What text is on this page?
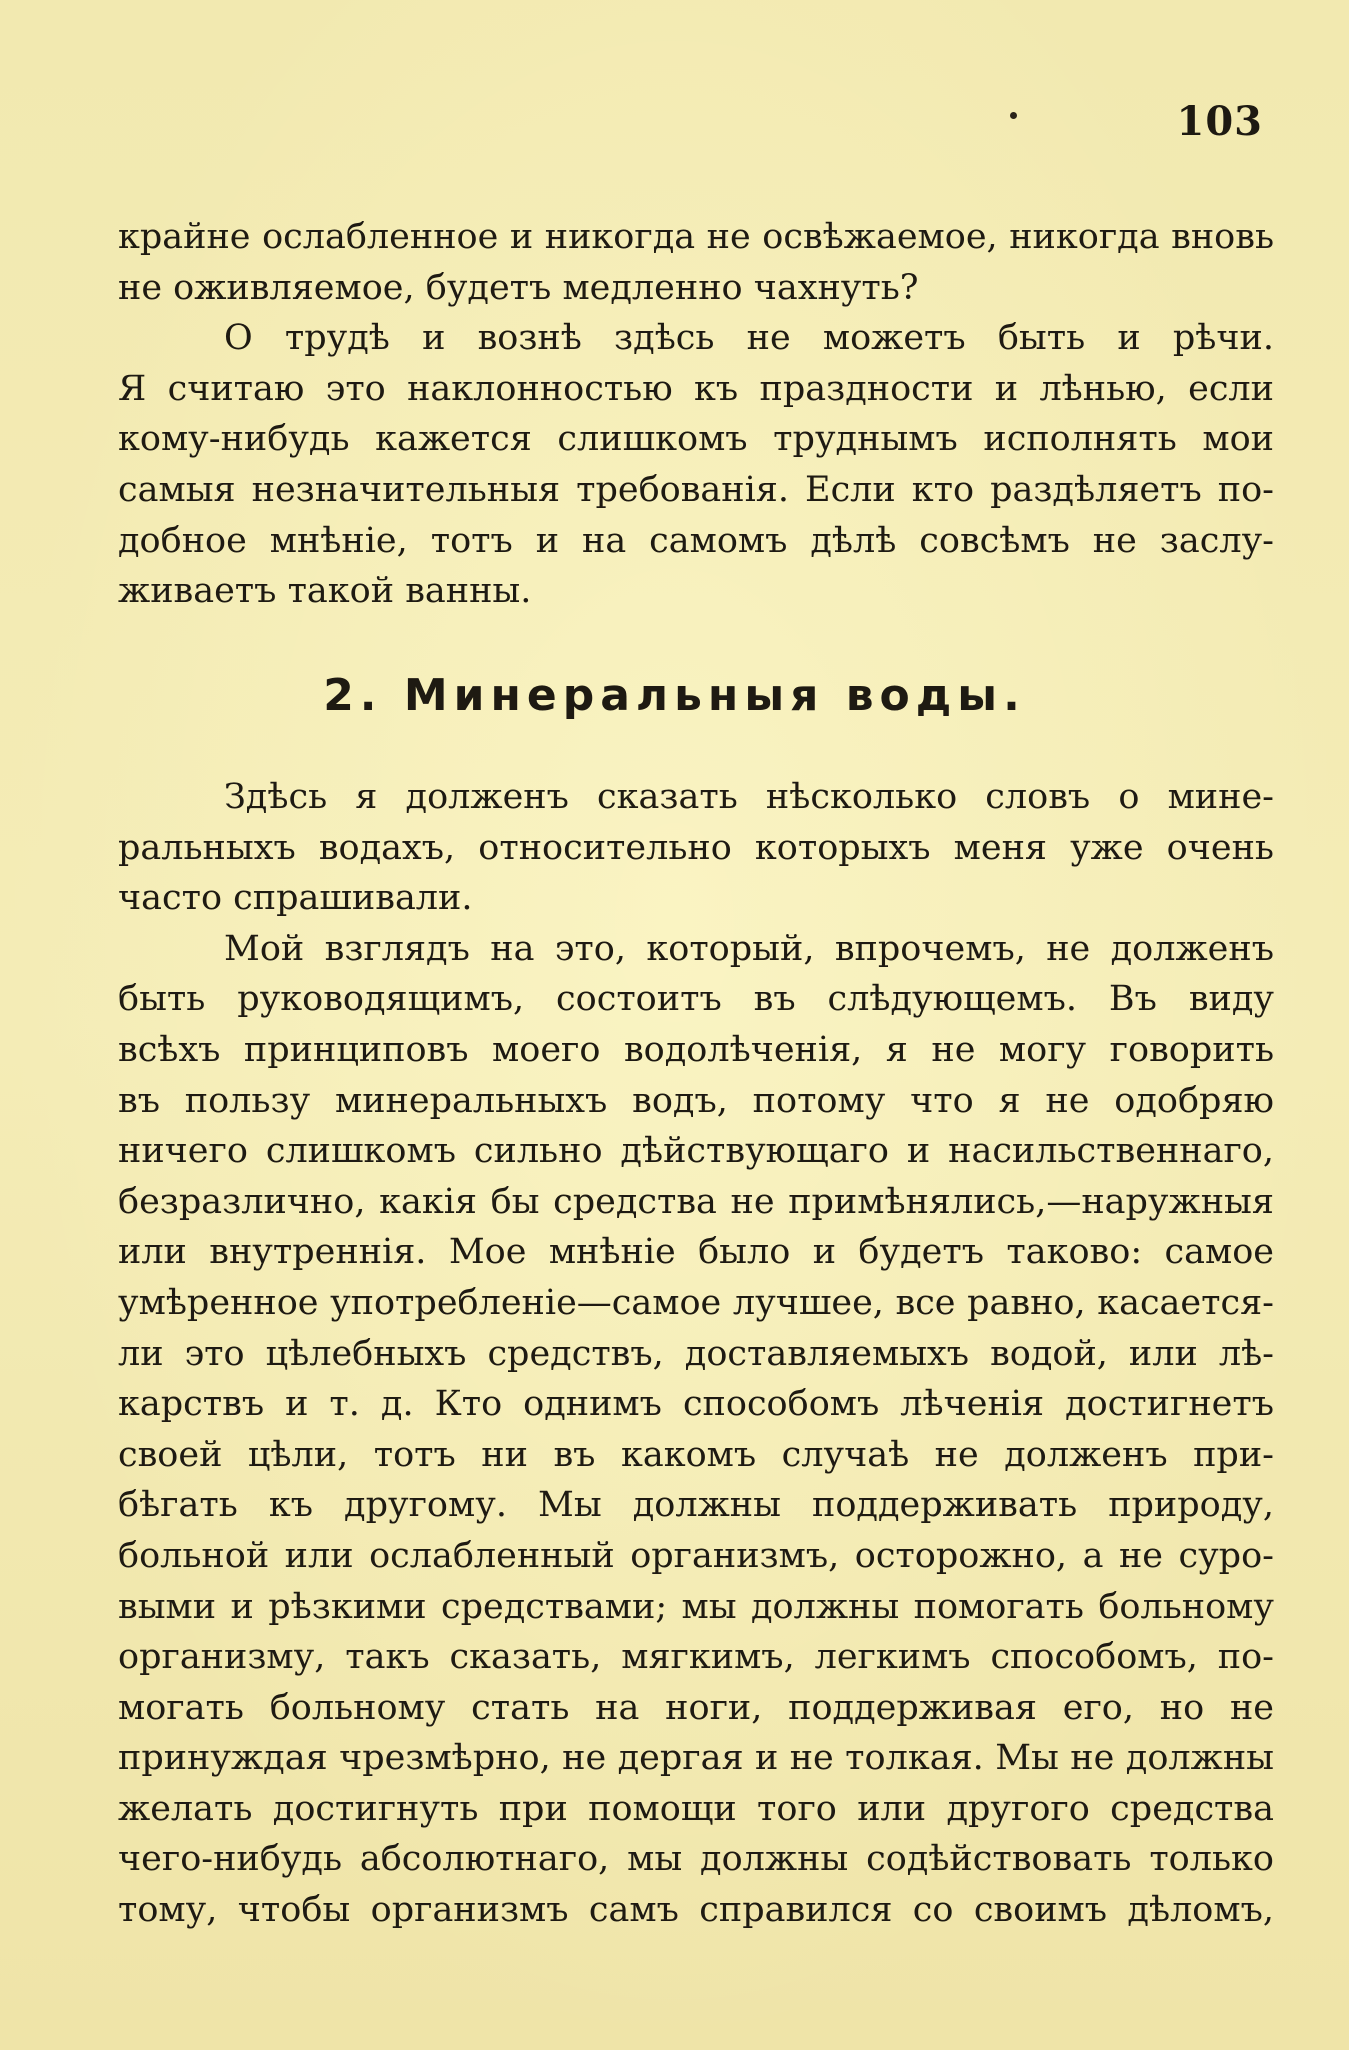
103
крайне ослабленное и никогда не освѣжаемое, никогда вновь
не оживляемое, будетъ медленно чахнуть?
О трудѣ и вознѣ здѣсь не можетъ быть и рѣчи.
Я считаю это наклонностью къ праздности и лѣнью, если
кому-нибудь кажется слишкомъ труднымъ исполнять мои
самыя незначительныя требованія. Если кто раздѣляетъ по-
добное мнѣніе, тотъ и на самомъ дѣлѣ совсѣмъ не заслу-
живаетъ такой ванны.
2. Минеральныя воды.
Здѣсь я долженъ сказать нѣсколько словъ о мине-
ральныхъ водахъ, относительно которыхъ меня уже очень
часто спрашивали.
Мой взглядъ на это, который, впрочемъ, не долженъ
быть руководящимъ, состоитъ въ слѣдующемъ. Въ виду
всѣхъ принциповъ моего водолѣченія, я не могу говорить
въ пользу минеральныхъ водъ, потому что я не одобряю
ничего слишкомъ сильно дѣйствующаго и насильственнаго,
безразлично, какія бы средства не примѣнялись,—наружныя
или внутреннія. Мое мнѣніе было и будетъ таково: самое
умѣренное употребленіе—самое лучшее, все равно, касается-
ли это цѣлебныхъ средствъ, доставляемыхъ водой, или лѣ-
карствъ и т. д. Кто однимъ способомъ лѣченія достигнетъ
своей цѣли, тотъ ни въ какомъ случаѣ не долженъ при-
бѣгать къ другому. Мы должны поддерживать природу,
больной или ослабленный организмъ, осторожно, а не суро-
выми и рѣзкими средствами; мы должны помогать больному
организму, такъ сказать, мягкимъ, легкимъ способомъ, по-
могать больному стать на ноги, поддерживая его, но не
принуждая чрезмѣрно, не дергая и не толкая. Мы не должны
желать достигнуть при помощи того или другого средства
чего-нибудь абсолютнаго, мы должны содѣйствовать только
тому, чтобы организмъ самъ справился со своимъ дѣломъ,
